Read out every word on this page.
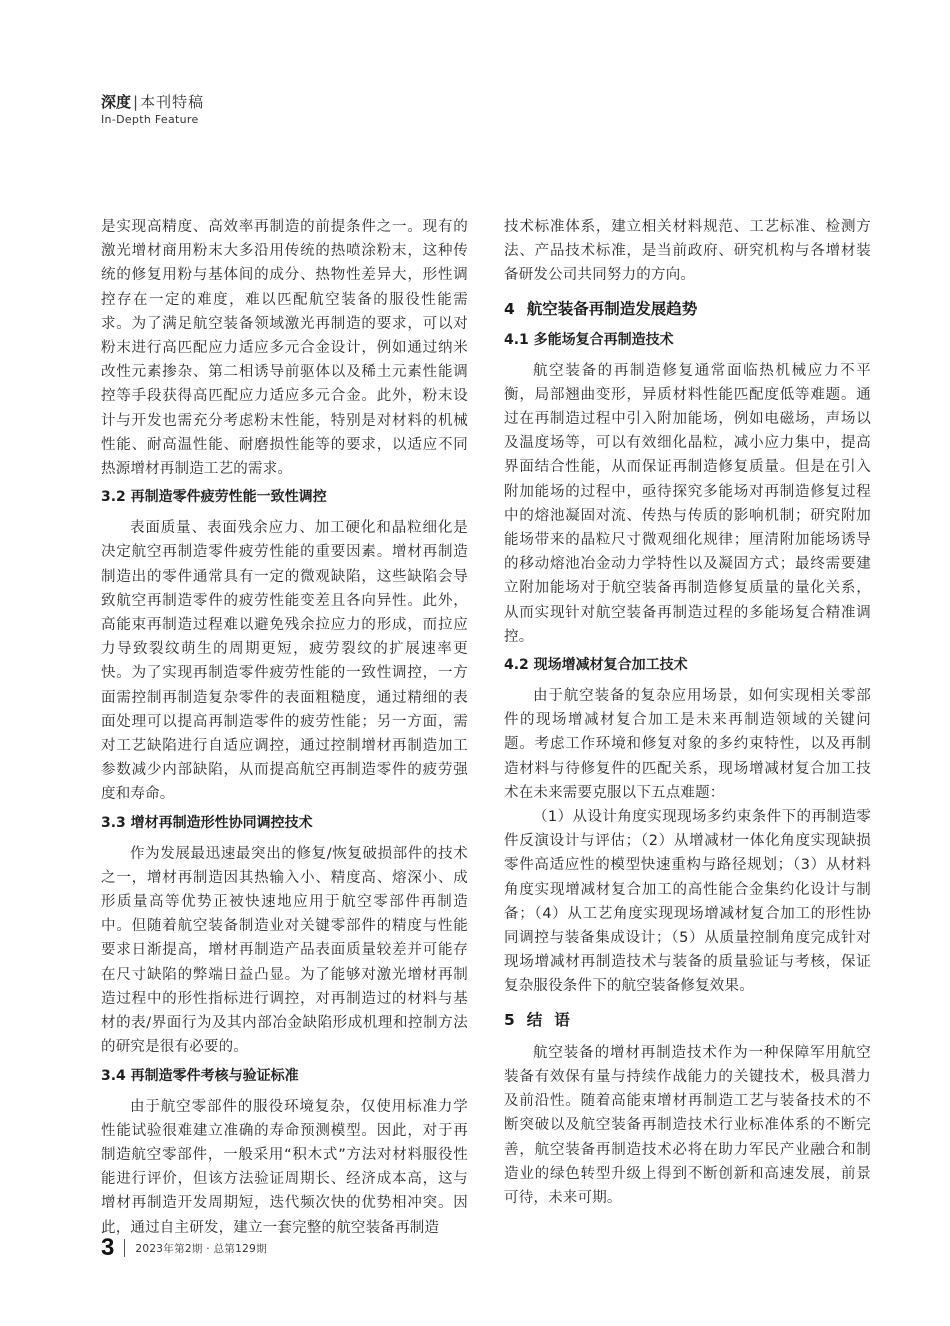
深度 | 本刊特稿
In-Depth Feature

是实现高精度、高效率再制造的前提条件之一。现有的激光增材商用粉末大多沿用传统的热喷涂粉末，这种传统的修复用粉与基体间的成分、热物性差异大，形性调控存在一定的难度，难以匹配航空装备的服役性能需求。为了满足航空装备领域激光再制造的要求，可以对粉末进行高匹配应力适应多元合金设计，例如通过纳米改性元素掺杂、第二相诱导前驱体以及稀土元素性能调控等手段获得高匹配应力适应多元合金。此外，粉末设计与开发也需充分考虑粉末性能，特别是对材料的机械性能、耐高温性能、耐磨损性能等的要求，以适应不同热源增材再制造工艺的需求。

3.2 再制造零件疲劳性能一致性调控

表面质量、表面残余应力、加工硬化和晶粒细化是决定航空再制造零件疲劳性能的重要因素。增材再制造制造出的零件通常具有一定的微观缺陷，这些缺陷会导致航空再制造零件的疲劳性能变差且各向异性。此外，高能束再制造过程难以避免残余拉应力的形成，而拉应力导致裂纹萌生的周期更短，疲劳裂纹的扩展速率更快。为了实现再制造零件疲劳性能的一致性调控，一方面需控制再制造复杂零件的表面粗糙度，通过精细的表面处理可以提高再制造零件的疲劳性能；另一方面，需对工艺缺陷进行自适应调控，通过控制增材再制造加工参数减少内部缺陷，从而提高航空再制造零件的疲劳强度和寿命。

3.3 增材再制造形性协同调控技术

作为发展最迅速最突出的修复/恢复破损部件的技术之一，增材再制造因其热输入小、精度高、熔深小、成形质量高等优势正被快速地应用于航空零部件再制造中。但随着航空装备制造业对关键零部件的精度与性能要求日渐提高，增材再制造产品表面质量较差并可能存在尺寸缺陷的弊端日益凸显。为了能够对激光增材再制造过程中的形性指标进行调控，对再制造过的材料与基材的表/界面行为及其内部冶金缺陷形成机理和控制方法的研究是很有必要的。

3.4 再制造零件考核与验证标准

由于航空零部件的服役环境复杂，仅使用标准力学性能试验很难建立准确的寿命预测模型。因此，对于再制造航空零部件，一般采用“积木式”方法对材料服役性能进行评价，但该方法验证周期长、经济成本高，这与增材再制造开发周期短，迭代频次快的优势相冲突。因此，通过自主研发，建立一套完整的航空装备再制造

技术标准体系，建立相关材料规范、工艺标准、检测方法、产品技术标准，是当前政府、研究机构与各增材装备研发公司共同努力的方向。

4 航空装备再制造发展趋势
4.1 多能场复合再制造技术

航空装备的再制造修复通常面临热机械应力不平衡，局部翘曲变形，异质材料性能匹配度低等难题。通过在再制造过程中引入附加能场，例如电磁场，声场以及温度场等，可以有效细化晶粒，减小应力集中，提高界面结合性能，从而保证再制造修复质量。但是在引入附加能场的过程中，亟待探究多能场对再制造修复过程中的熔池凝固对流、传热与传质的影响机制；研究附加能场带来的晶粒尺寸微观细化规律；厘清附加能场诱导的移动熔池冶金动力学特性以及凝固方式；最终需要建立附加能场对于航空装备再制造修复质量的量化关系，从而实现针对航空装备再制造过程的多能场复合精准调控。

4.2 现场增减材复合加工技术

由于航空装备的复杂应用场景，如何实现相关零部件的现场增减材复合加工是未来再制造领域的关键问题。考虑工作环境和修复对象的多约束特性，以及再制造材料与待修复件的匹配关系，现场增减材复合加工技术在未来需要克服以下五点难题：

（1）从设计角度实现现场多约束条件下的再制造零件反演设计与评估；（2）从增减材一体化角度实现缺损零件高适应性的模型快速重构与路径规划；（3）从材料角度实现增减材复合加工的高性能合金集约化设计与制备；（4）从工艺角度实现现场增减材复合加工的形性协同调控与装备集成设计；（5）从质量控制角度完成针对现场增减材再制造技术与装备的质量验证与考核，保证复杂服役条件下的航空装备修复效果。

5 结语

航空装备的增材再制造技术作为一种保障军用航空装备有效保有量与持续作战能力的关键技术，极具潜力及前沿性。随着高能束增材再制造工艺与装备技术的不断突破以及航空装备再制造技术行业标准体系的不断完善，航空装备再制造技术必将在助力军民产业融合和制造业的绿色转型升级上得到不断创新和高速发展，前景可待，未来可期。

3 2023年第2期 · 总第129期
